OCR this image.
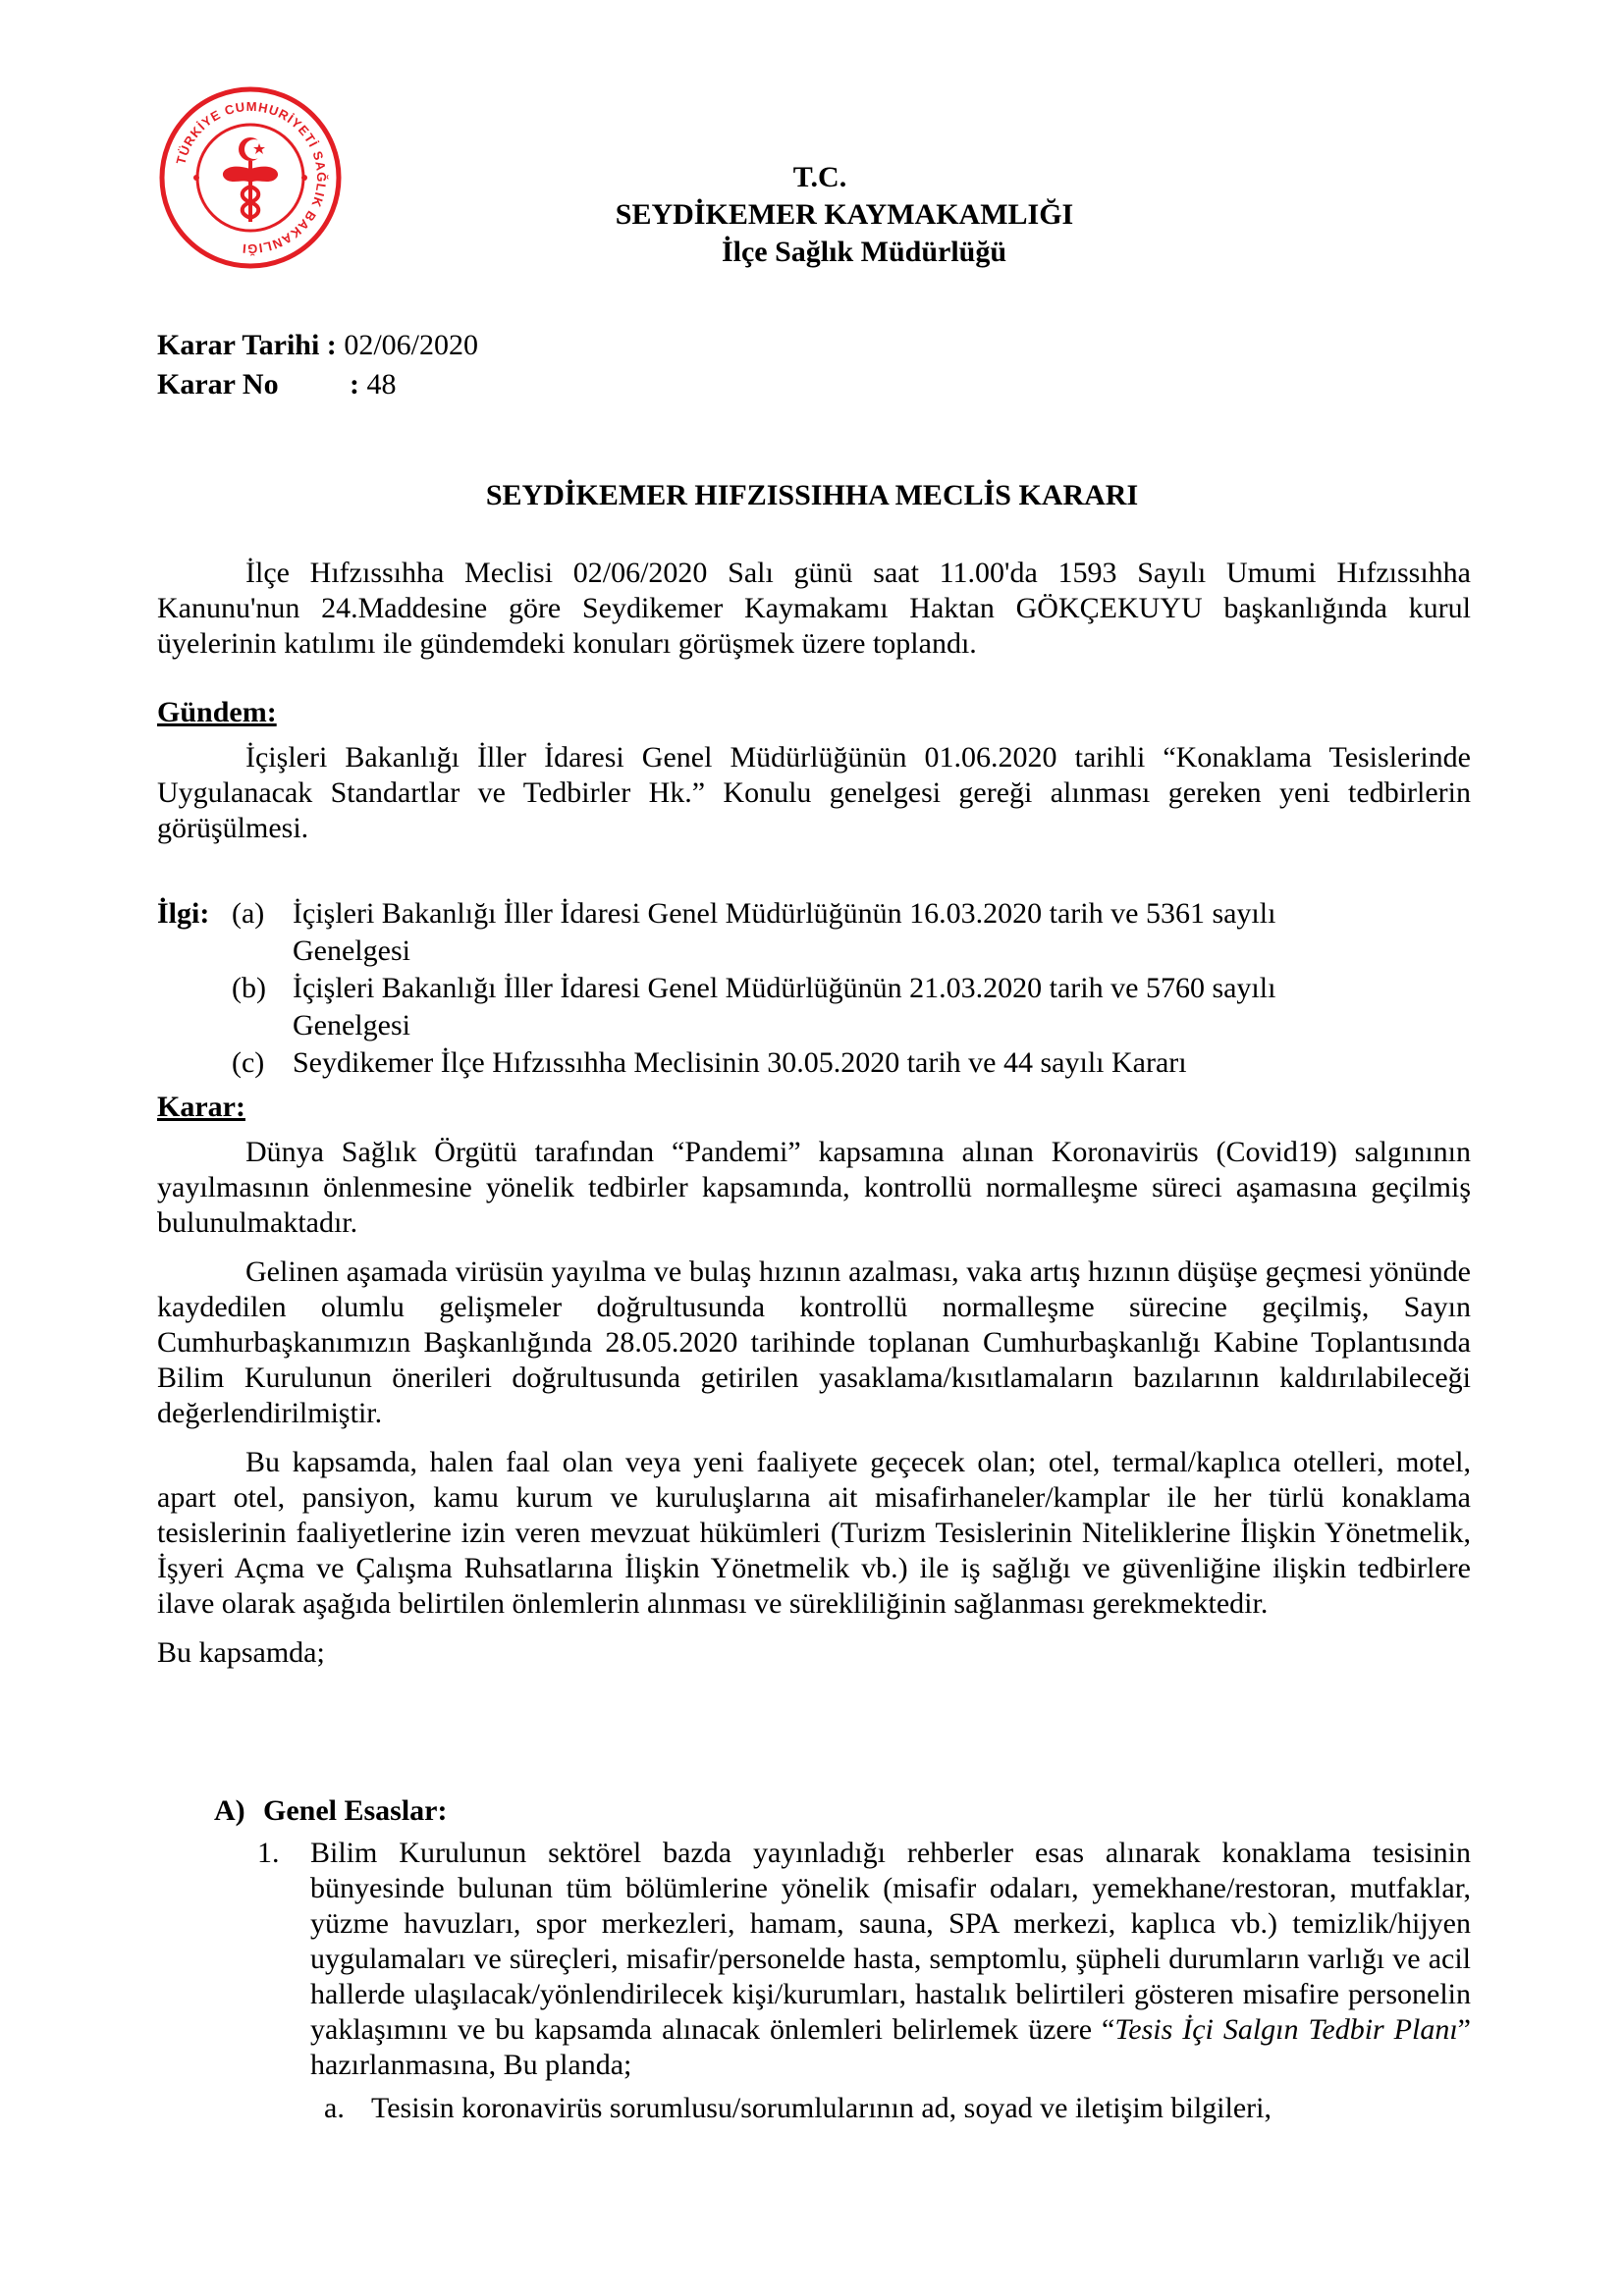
TÜRKİYE CUMHURİYETİ SAĞLIK BAKANLIĞI
T.C.
SEYDİKEMER KAYMAKAMLIĞI
İlçe Sağlık Müdürlüğü
Karar Tarihi : 02/06/2020
Karar No : 48
SEYDİKEMER HIFZISSIHHA MECLİS KARARI

İlçe Hıfzıssıhha Meclisi 02/06/2020 Salı günü saat 11.00'da 1593 Sayılı Umumi Hıfzıssıhha Kanunu'nun 24.Maddesine göre Seydikemer Kaymakamı Haktan GÖKÇEKUYU başkanlığında kurul üyelerinin katılımı ile gündemdeki konuları görüşmek üzere toplandı.

Gündem:

İçişleri Bakanlığı İller İdaresi Genel Müdürlüğünün 01.06.2020 tarihli “Konaklama Tesislerinde Uygulanacak Standartlar ve Tedbirler Hk.” Konulu genelgesi gereği alınması gereken yeni tedbirlerin görüşülmesi.

İlgi: (a) İçişleri Bakanlığı İller İdaresi Genel Müdürlüğünün 16.03.2020 tarih ve 5361 sayılı
Genelgesi
(b) İçişleri Bakanlığı İller İdaresi Genel Müdürlüğünün 21.03.2020 tarih ve 5760 sayılı
Genelgesi
(c) Seydikemer İlçe Hıfzıssıhha Meclisinin 30.05.2020 tarih ve 44 sayılı Kararı

Karar:

Dünya Sağlık Örgütü tarafından “Pandemi” kapsamına alınan Koronavirüs (Covid19) salgınının yayılmasının önlenmesine yönelik tedbirler kapsamında, kontrollü normalleşme süreci aşamasına geçilmiş bulunulmaktadır.

Gelinen aşamada virüsün yayılma ve bulaş hızının azalması, vaka artış hızının düşüşe geçmesi yönünde kaydedilen olumlu gelişmeler doğrultusunda kontrollü normalleşme sürecine geçilmiş, Sayın Cumhurbaşkanımızın Başkanlığında 28.05.2020 tarihinde toplanan Cumhurbaşkanlığı Kabine Toplantısında Bilim Kurulunun önerileri doğrultusunda getirilen yasaklama/kısıtlamaların bazılarının kaldırılabileceği değerlendirilmiştir.

Bu kapsamda, halen faal olan veya yeni faaliyete geçecek olan; otel, termal/kaplıca otelleri, motel, apart otel, pansiyon, kamu kurum ve kuruluşlarına ait misafirhaneler/kamplar ile her türlü konaklama tesislerinin faaliyetlerine izin veren mevzuat hükümleri (Turizm Tesislerinin Niteliklerine İlişkin Yönetmelik, İşyeri Açma ve Çalışma Ruhsatlarına İlişkin Yönetmelik vb.) ile iş sağlığı ve güvenliğine ilişkin tedbirlere ilave olarak aşağıda belirtilen önlemlerin alınması ve sürekliliğinin sağlanması gerekmektedir.

Bu kapsamda;

A) Genel Esaslar:
1. Bilim Kurulunun sektörel bazda yayınladığı rehberler esas alınarak konaklama tesisinin bünyesinde bulunan tüm bölümlerine yönelik (misafir odaları, yemekhane/restoran, mutfaklar, yüzme havuzları, spor merkezleri, hamam, sauna, SPA merkezi, kaplıca vb.) temizlik/hijyen uygulamaları ve süreçleri, misafir/personelde hasta, semptomlu, şüpheli durumların varlığı ve acil hallerde ulaşılacak/yönlendirilecek kişi/kurumları, hastalık belirtileri gösteren misafire personelin yaklaşımını ve bu kapsamda alınacak önlemleri belirlemek üzere “Tesis İçi Salgın Tedbir Planı” hazırlanmasına, Bu planda;
a. Tesisin koronavirüs sorumlusu/sorumlularının ad, soyad ve iletişim bilgileri,
